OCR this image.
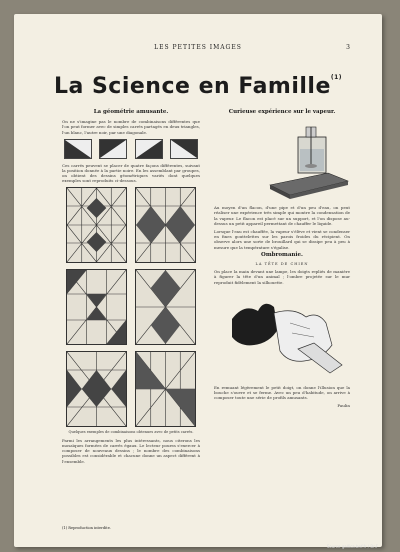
LES PETITES IMAGES	3
La Science en Famille$^{(1)}$
La géométrie amusante.
On ne s'imagine pas le nombre de combinaisons différentes que l'on peut former avec de simples carrés partagés en deux triangles, l'un blanc, l'autre noir, par une diagonale.
Ces carrés peuvent se placer de quatre façons différentes, suivant la position donnée à la partie noire. En les assemblant par groupes, on obtient des dessins géométriques variés dont quelques exemples sont reproduits ci-dessous.
Quelques exemples de combinaisons obtenues avec de petits carrés.
Parmi les arrangements les plus intéressants, nous citerons les mosaïques formées de carrés égaux. Le lecteur pourra s'exercer à composer de nouveaux dessins ; le nombre des combinaisons possibles est considérable et chacune donne un aspect différent à l'ensemble.
Curieuse expérience sur le vapeur.
Au moyen d'un flacon, d'une pipe et d'un peu d'eau, on peut réaliser une expérience très simple qui montre la condensation de la vapeur. Le flacon est placé sur un support, et l'on dispose au-dessus un petit appareil permettant de chauffer le liquide.
Lorsque l'eau est chauffée, la vapeur s'élève et vient se condenser en fines gouttelettes sur les parois froides du récipient. On observe alors une sorte de brouillard qui se dissipe peu à peu à mesure que la température s'égalise.
Ombromanie.
LA TÊTE DE CHIEN
On place la main devant une lampe, les doigts repliés de manière à figurer la tête d'un animal ; l'ombre projetée sur le mur reproduit fidèlement la silhouette.
En remuant légèrement le petit doigt, on donne l'illusion que la bouche s'ouvre et se ferme. Avec un peu d'habitude, on arrive à composer toute une série de profils amusants.
Paulin
(1) Reproduction interdite.
Source gallica.bnf.fr / BnF
